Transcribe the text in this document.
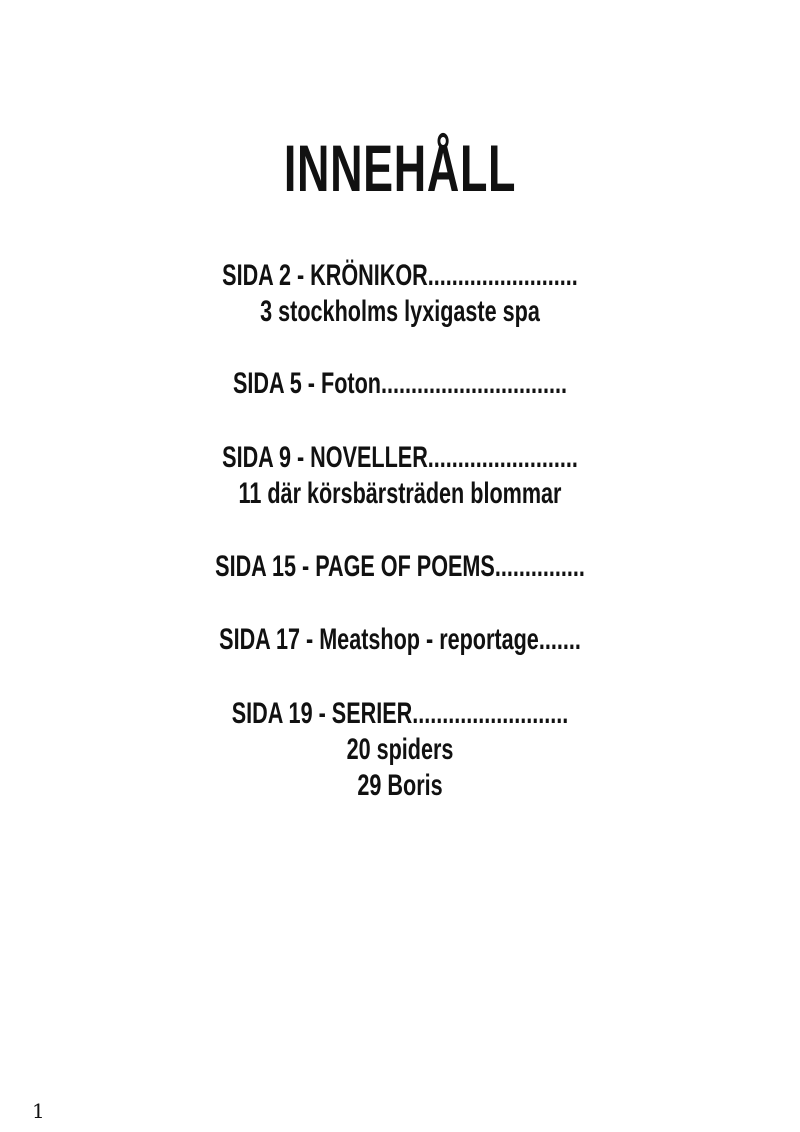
INNEHÅLL
SIDA 2 - KRÖNIKOR.........................
3 stockholms lyxigaste spa
SIDA 5 - Foton...............................
SIDA 9 - NOVELLER.........................
11 där körsbärsträden blommar
SIDA 15 - PAGE OF POEMS...............
SIDA 17 - Meatshop - reportage.......
SIDA 19 - SERIER..........................
20 spiders
29 Boris
1
